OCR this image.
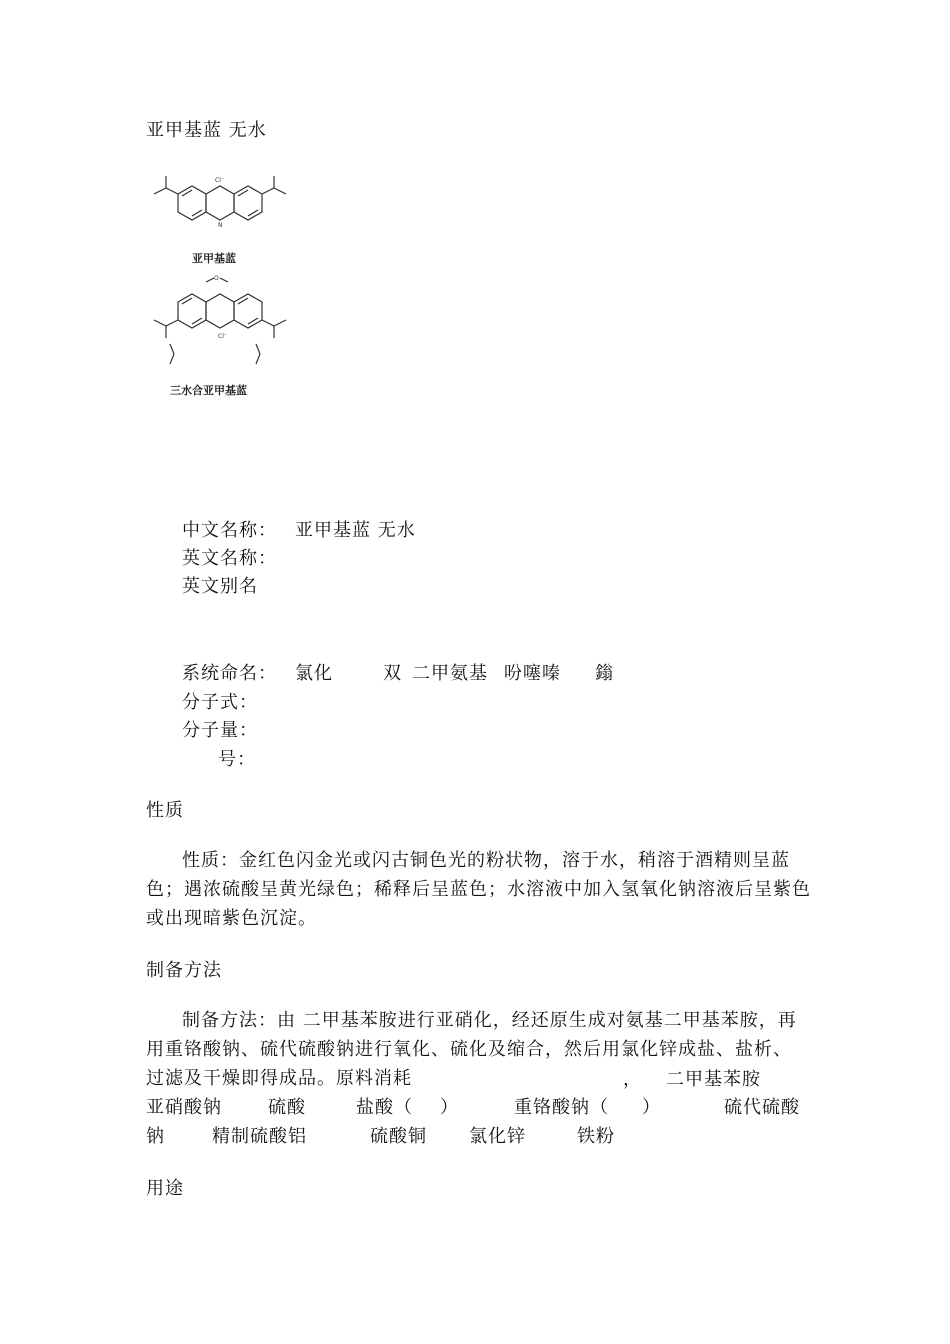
亚甲基蓝 无水
Cl⁻
N
亚甲基蓝
O
Cl⁻
三水合亚甲基蓝
中文名称： 亚甲基蓝 无水
英文名称：
英文别名
系统命名： 氯化	双 二甲氨基 吩噻嗪 鎓
分子式：
分子量：
号：
性质
性质：金红色闪金光或闪古铜色光的粉状物，溶于水，稍溶于酒精则呈蓝色；遇浓硫酸呈黄光绿色；稀释后呈蓝色；水溶液中加入氢氧化钠溶液后呈紫色或出现暗紫色沉淀。
制备方法
制备方法：由 二甲基苯胺进行亚硝化，经还原生成对氨基二甲基苯胺，再用重铬酸钠、硫代硫酸钠进行氧化、硫化及缩合，然后用氯化锌成盐、盐析、过滤及干燥即得成品。原料消耗	， 二甲基苯胺
亚硝酸钠	硫酸	盐酸（ ）	重铬酸钠（ ）	硫代硫酸
钠	精制硫酸铝	硫酸铜 氯化锌	铁粉
用途
